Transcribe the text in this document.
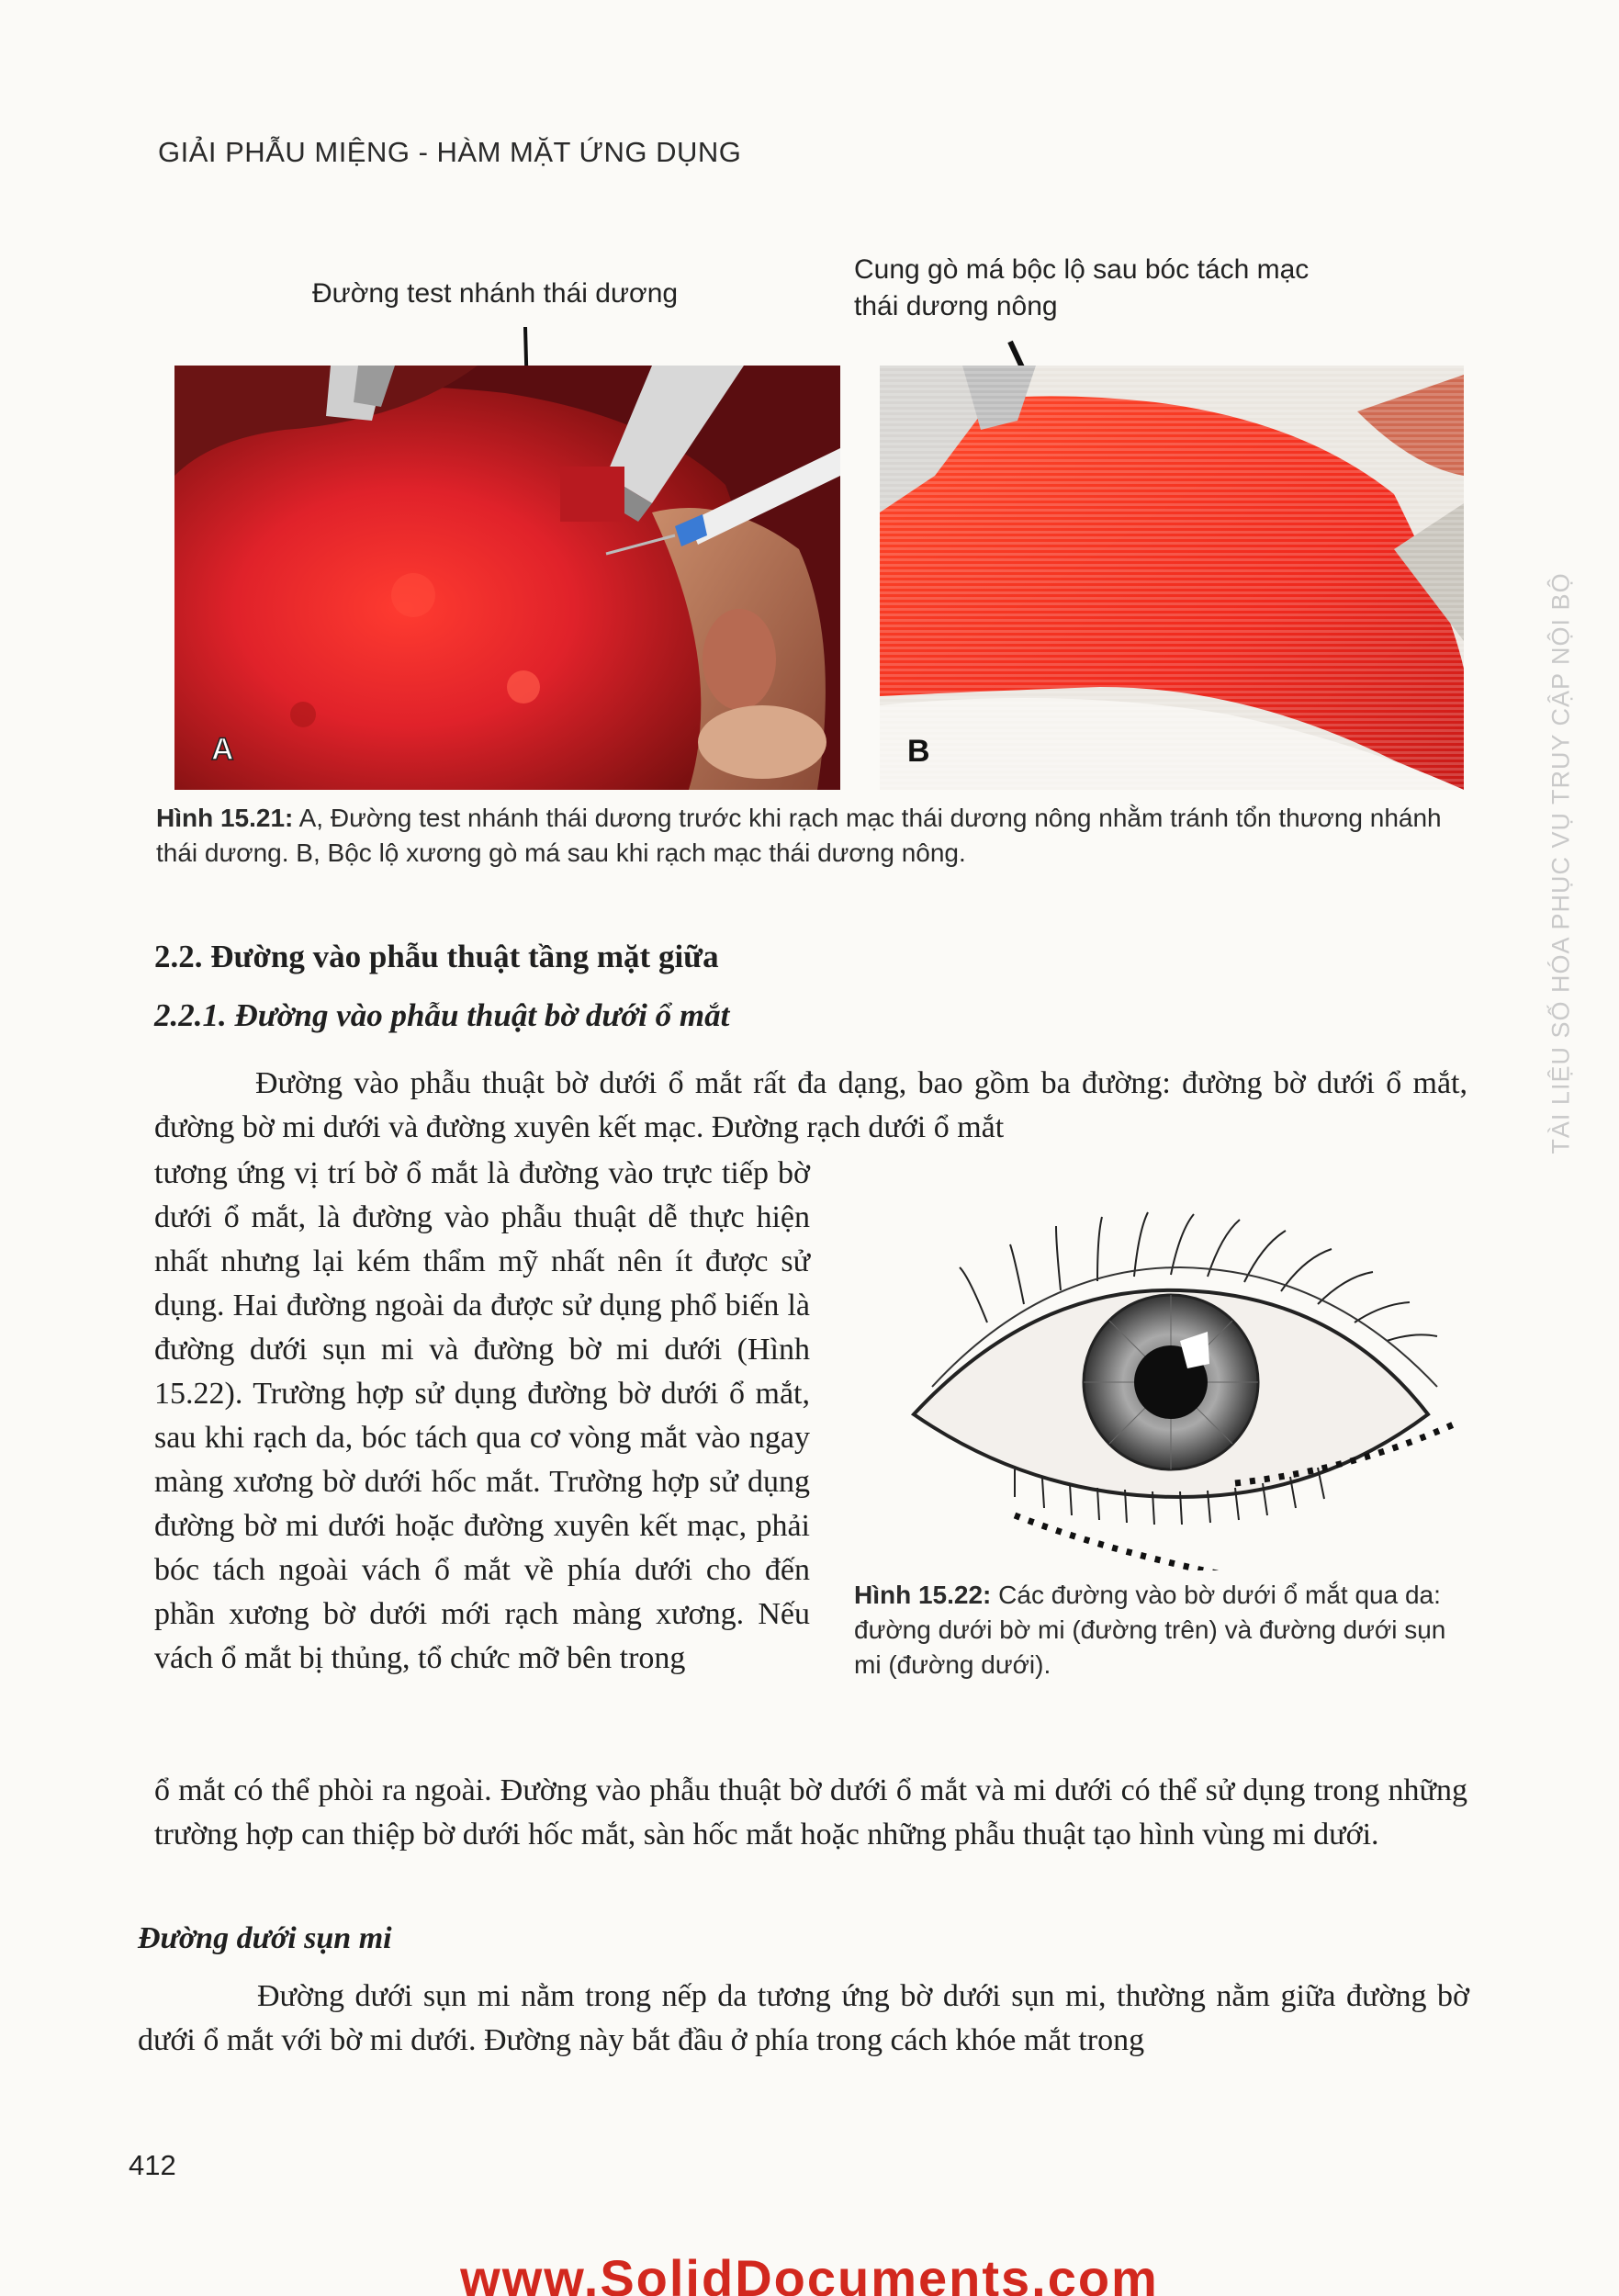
GIẢI PHẪU MIỆNG - HÀM MẶT ỨNG DỤNG
Đường test nhánh thái dương
Cung gò má bộc lộ sau bóc tách mạc thái dương nông
A	B
Hình 15.21: A, Đường test nhánh thái dương trước khi rạch mạc thái dương nông nhằm tránh tổn thương nhánh thái dương. B, Bộc lộ xương gò má sau khi rạch mạc thái dương nông.	TÀI LIỆU SỐ HÓA PHỤC VỤ TRUY CẬP NỘI BỘ
2.2. Đường vào phẫu thuật tầng mặt giữa
2.2.1. Đường vào phẫu thuật bờ dưới ổ mắt
Đường vào phẫu thuật bờ dưới ổ mắt rất đa dạng, bao gồm ba đường: đường bờ dưới ổ mắt, đường bờ mi dưới và đường xuyên kết mạc. Đường rạch dưới ổ mắt
tương ứng vị trí bờ ổ mắt là đường vào trực tiếp bờ dưới ổ mắt, là đường vào phẫu thuật dễ thực hiện nhất nhưng lại kém thẩm mỹ nhất nên ít được sử dụng. Hai đường ngoài da được sử dụng phổ biến là đường dưới sụn mi và đường bờ mi dưới (Hình 15.22). Trường hợp sử dụng đường bờ dưới ổ mắt, sau khi rạch da, bóc tách qua cơ vòng mắt vào ngay màng xương bờ dưới hốc mắt. Trường hợp sử dụng đường bờ mi dưới hoặc đường xuyên kết mạc, phải bóc tách ngoài vách ổ mắt về phía dưới cho đến phần xương bờ dưới mới rạch màng xương. Nếu vách ổ mắt bị thủng, tổ chức mỡ bên trong
Hình 15.22: Các đường vào bờ dưới ổ mắt qua da: đường dưới bờ mi (đường trên) và đường dưới sụn mi (đường dưới).
ổ mắt có thể phòi ra ngoài. Đường vào phẫu thuật bờ dưới ổ mắt và mi dưới có thể sử dụng trong những trường hợp can thiệp bờ dưới hốc mắt, sàn hốc mắt hoặc những phẫu thuật tạo hình vùng mi dưới.
Đường dưới sụn mi
Đường dưới sụn mi nằm trong nếp da tương ứng bờ dưới sụn mi, thường nằm giữa đường bờ dưới ổ mắt với bờ mi dưới. Đường này bắt đầu ở phía trong cách khóe mắt trong
412
www.SolidDocuments.com
